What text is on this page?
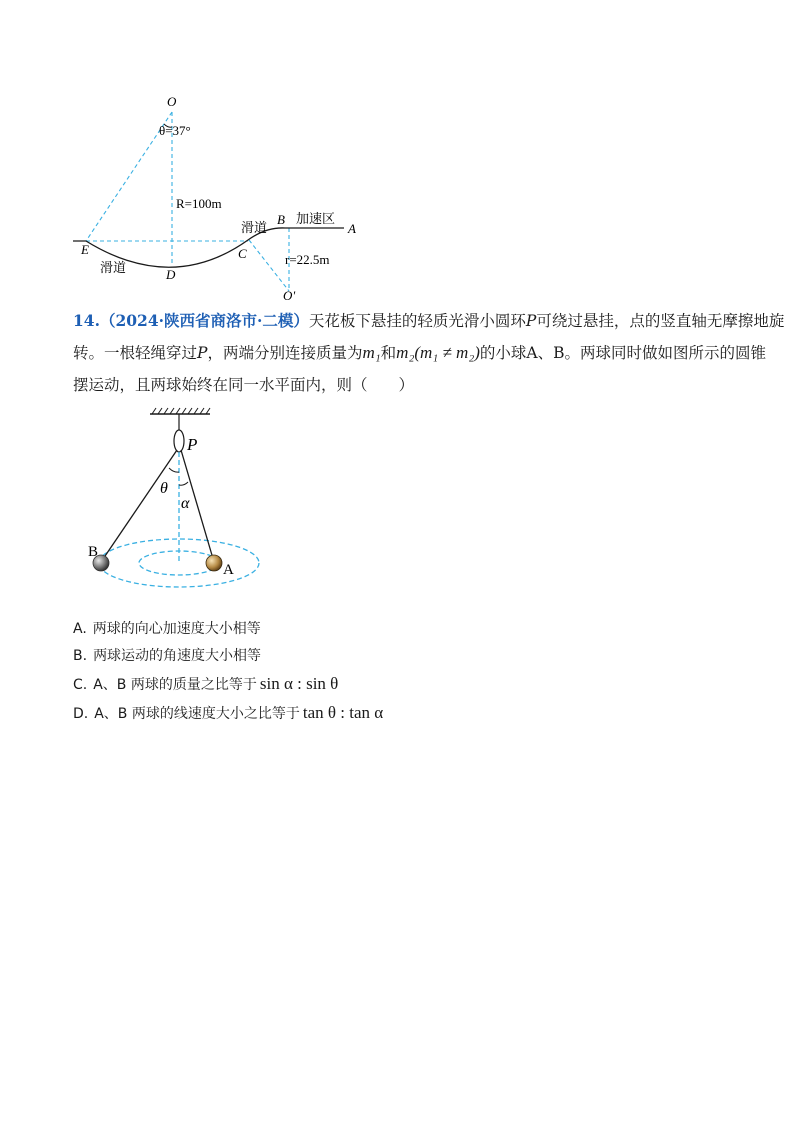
O
θ=37°
R=100m
E
滑道	D
C
滑道
B 加速区
A
r=22.5m
O'
14.（2024·陕西省商洛市·二模）天花板下悬挂的轻质光滑小圆环P可绕过悬挂，点的竖直轴无摩擦地旋
转。一根轻绳穿过P，两端分别连接质量为m₁和m₂(m₁ ≠ m₂)的小球A、B。两球同时做如图所示的圆锥
摆运动，且两球始终在同一水平面内，则（　　）
P
θ
α
B
A
A. 两球的向心加速度大小相等
B. 两球运动的角速度大小相等
C. A、B 两球的质量之比等于 sin α : sin θ
D. A、B 两球的线速度大小之比等于 tan θ : tan α
